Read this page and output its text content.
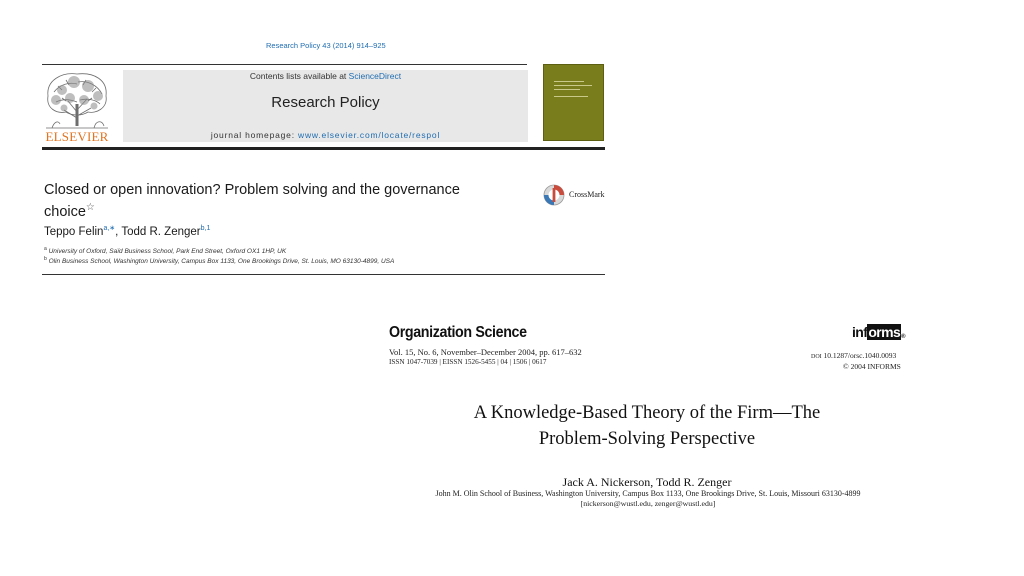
Research Policy 43 (2014) 914–925
ELSEVIER
Contents lists available at ScienceDirect
Research Policy
journal homepage: www.elsevier.com/locate/respol
Closed or open innovation? Problem solving and the governance
choice☆
CrossMark
Teppo Felin$^{a,∗}$, Todd R. Zenger$^{b,1}$
$^a$ University of Oxford, Saïd Business School, Park End Street, Oxford OX1 1HP, UK
$^b$ Olin Business School, Washington University, Campus Box 1133, One Brookings Drive, St. Louis, MO 63130-4899, USA
Organization Science
Vol. 15, No. 6, November–December 2004, pp. 617–632
ISSN 1047-7039 | EISSN 1526-5455 | 04 | 1506 | 0617
informs®
DOI 10.1287/orsc.1040.0093
© 2004 INFORMS
A Knowledge-Based Theory of the Firm—The
Problem-Solving Perspective
Jack A. Nickerson, Todd R. Zenger
John M. Olin School of Business, Washington University, Campus Box 1133, One Brookings Drive, St. Louis, Missouri 63130-4899
[nickerson@wustl.edu, zenger@wustl.edu]
